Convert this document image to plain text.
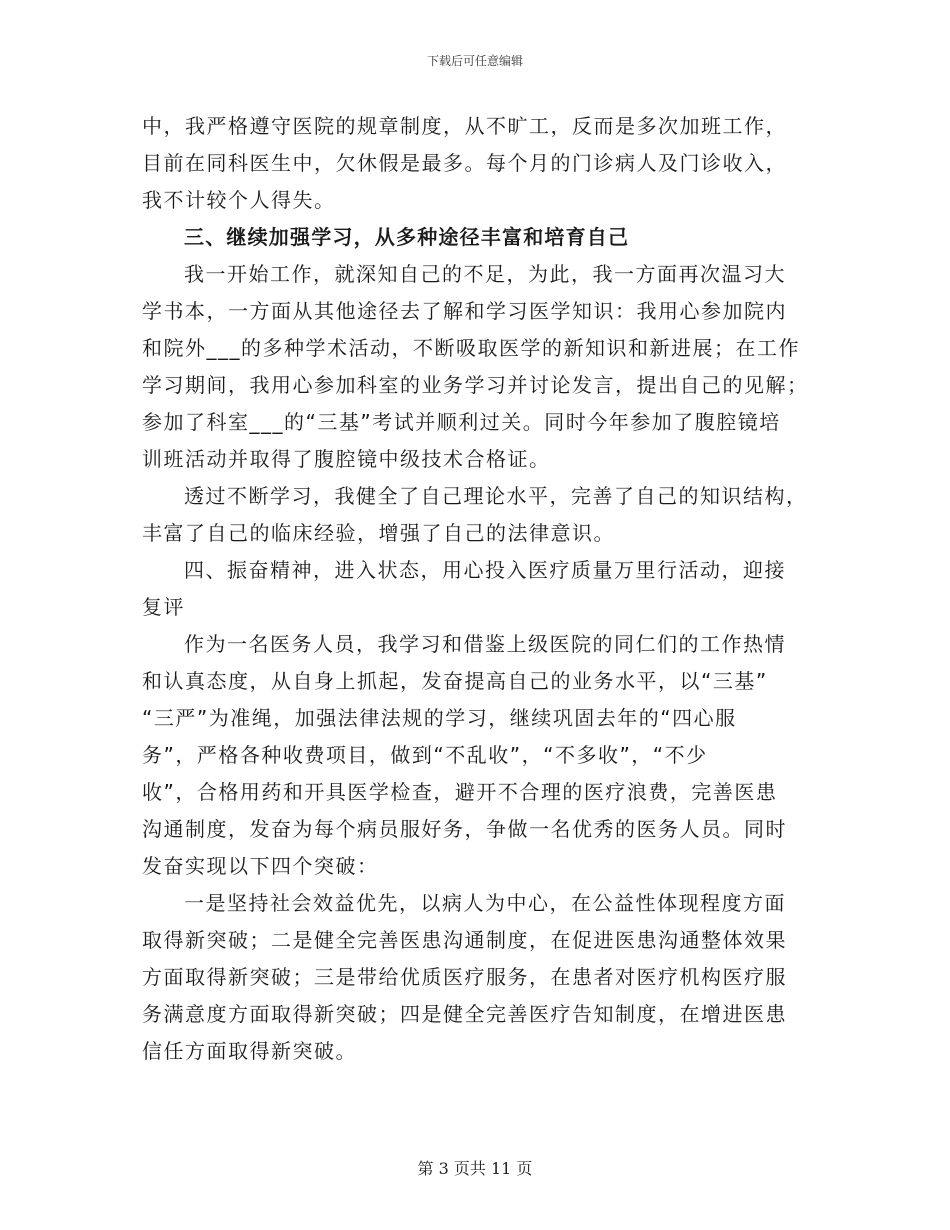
下载后可任意编辑
中，我严格遵守医院的规章制度，从不旷工，反而是多次加班工作，
目前在同科医生中，欠休假是最多。每个月的门诊病人及门诊收入，
我不计较个人得失。
三、继续加强学习，从多种途径丰富和培育自己
我一开始工作，就深知自己的不足，为此，我一方面再次温习大
学书本，一方面从其他途径去了解和学习医学知识：我用心参加院内
和院外___的多种学术活动，不断吸取医学的新知识和新进展；在工作
学习期间，我用心参加科室的业务学习并讨论发言，提出自己的见解；
参加了科室___的“三基”考试并顺利过关。同时今年参加了腹腔镜培
训班活动并取得了腹腔镜中级技术合格证。
透过不断学习，我健全了自己理论水平，完善了自己的知识结构，
丰富了自己的临床经验，增强了自己的法律意识。
四、振奋精神，进入状态，用心投入医疗质量万里行活动，迎接
复评
作为一名医务人员，我学习和借鉴上级医院的同仁们的工作热情
和认真态度，从自身上抓起，发奋提高自己的业务水平，以“三基”
“三严”为准绳，加强法律法规的学习，继续巩固去年的“四心服
务”，严格各种收费项目，做到“不乱收”，“不多收”，“不少
收”，合格用药和开具医学检查，避开不合理的医疗浪费，完善医患
沟通制度，发奋为每个病员服好务，争做一名优秀的医务人员。同时
发奋实现以下四个突破：
一是坚持社会效益优先，以病人为中心，在公益性体现程度方面
取得新突破；二是健全完善医患沟通制度，在促进医患沟通整体效果
方面取得新突破；三是带给优质医疗服务，在患者对医疗机构医疗服
务满意度方面取得新突破；四是健全完善医疗告知制度，在增进医患
信任方面取得新突破。
第 3 页共 11 页
